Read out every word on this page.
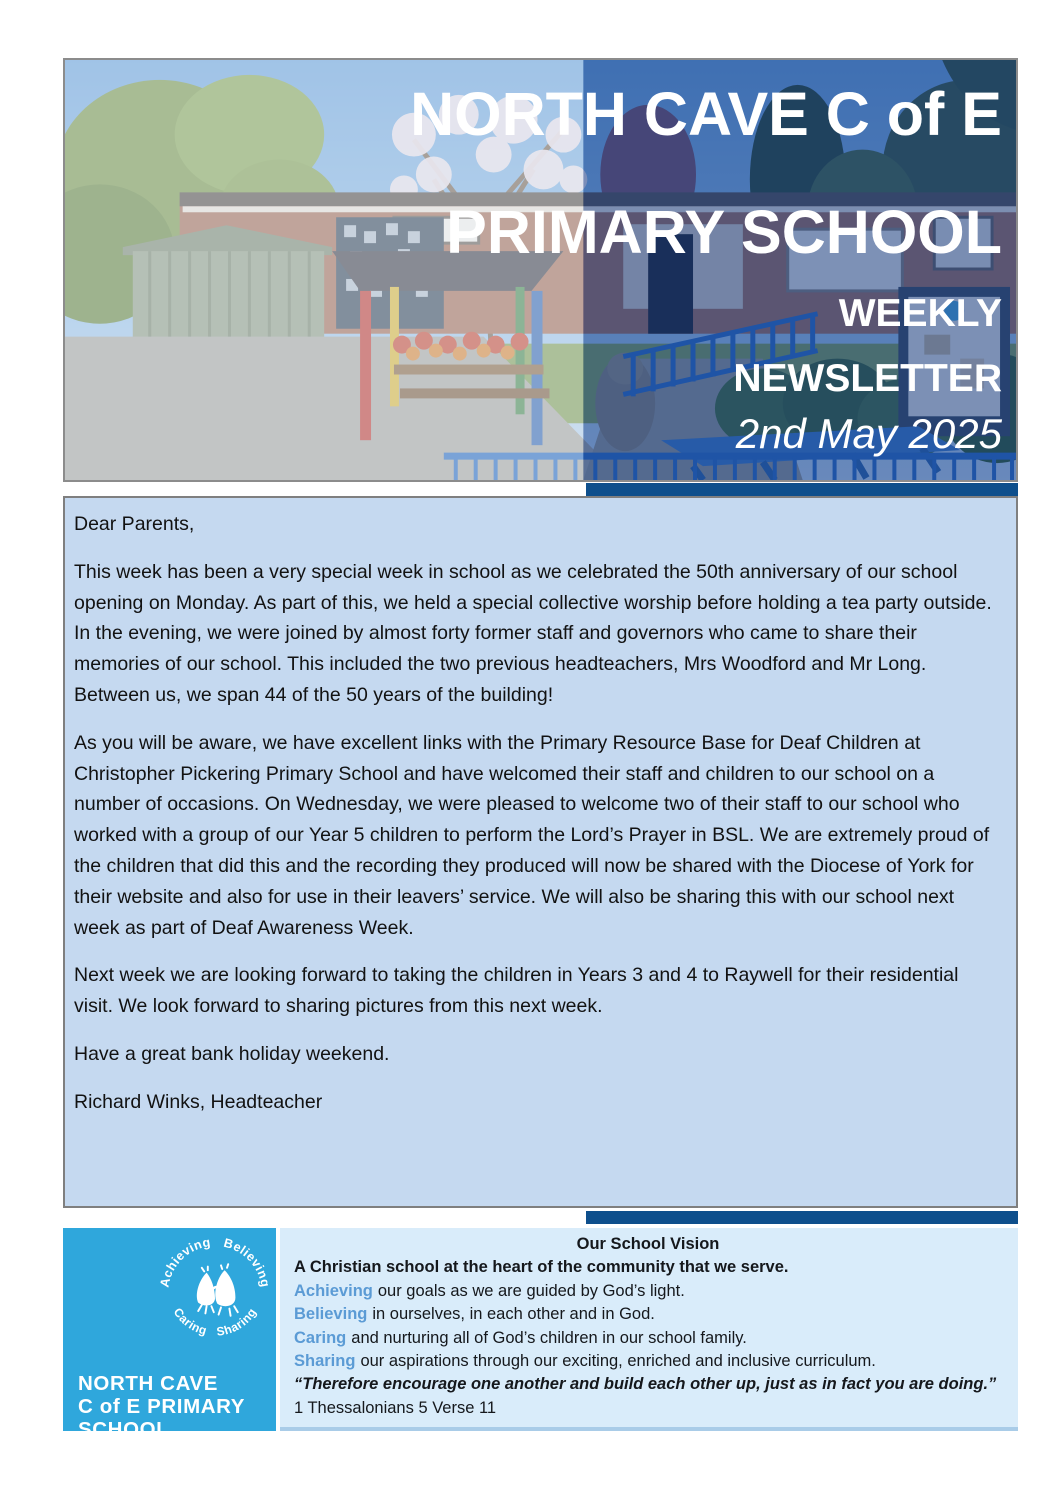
NORTH CAVE C of E
PRIMARY SCHOOL
WEEKLY
NEWSLETTER
2nd May 2025

Dear Parents,

This week has been a very special week in school as we celebrated the 50th anniversary of our school opening on Monday. As part of this, we held a special collective worship before holding a tea party outside. In the evening, we were joined by almost forty former staff and governors who came to share their memories of our school. This included the two previous headteachers, Mrs Woodford and Mr Long. Between us, we span 44 of the 50 years of the building!

As you will be aware, we have excellent links with the Primary Resource Base for Deaf Children at Christopher Pickering Primary School and have welcomed their staff and children to our school on a number of occasions. On Wednesday, we were pleased to welcome two of their staff to our school who worked with a group of our Year 5 children to perform the Lord’s Prayer in BSL. We are extremely proud of the children that did this and the recording they produced will now be shared with the Diocese of York for their website and also for use in their leavers’ service. We will also be sharing this with our school next week as part of Deaf Awareness Week.

Next week we are looking forward to taking the children in Years 3 and 4 to Raywell for their residential visit. We look forward to sharing pictures from this next week.

Have a great bank holiday weekend.

Richard Winks, Headteacher

Achieving   Believing
Caring   Sharing
NORTH CAVE
C of E PRIMARY
SCHOOL
Our School Vision
A Christian school at the heart of the community that we serve.
Achieving our goals as we are guided by God’s light.
Believing in ourselves, in each other and in God.
Caring and nurturing all of God’s children in our school family.
Sharing our aspirations through our exciting, enriched and inclusive curriculum.
“Therefore encourage one another and build each other up, just as in fact you are doing.”
1 Thessalonians 5 Verse 11
